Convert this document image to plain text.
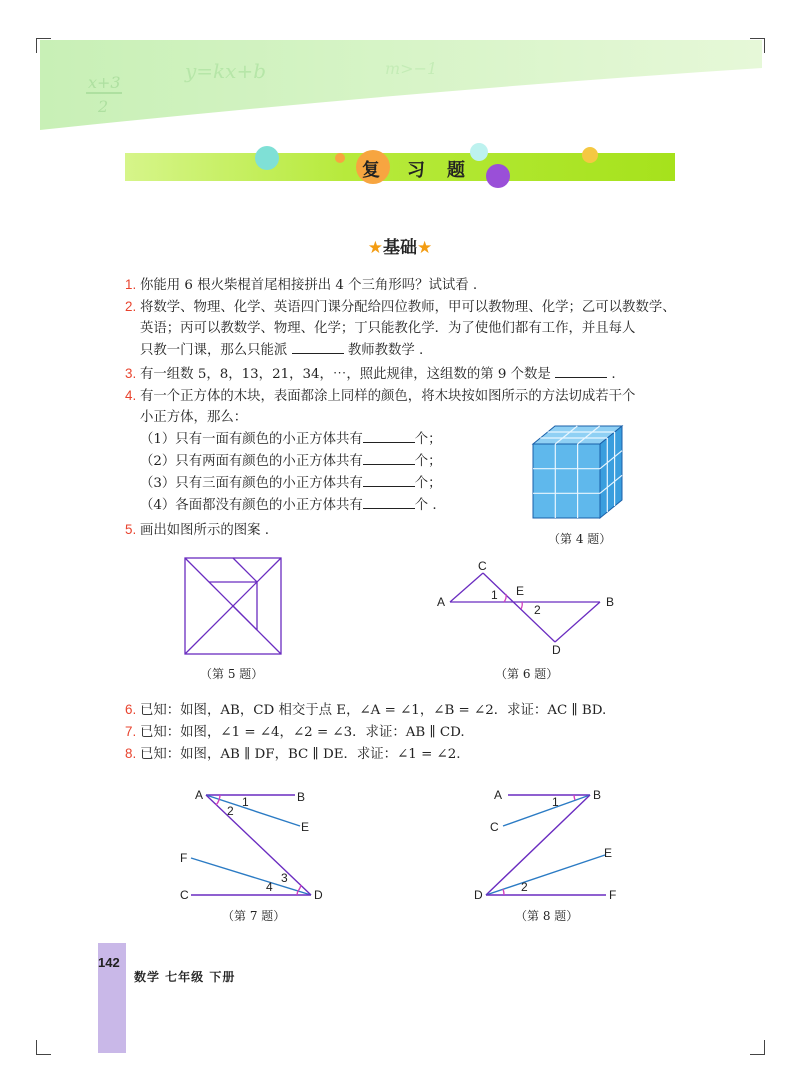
x+3
2
y=kx+b	m>−1
复 习 题
★基础★
1. 你能用 6 根火柴棍首尾相接拼出 4 个三角形吗？试试看 .
2. 将数学、物理、化学、英语四门课分配给四位教师，甲可以教物理、化学；乙可以教数学、
英语；丙可以教数学、物理、化学；丁只能教化学．为了使他们都有工作，并且每人
只教一门课，那么只能派	教师教数学 .
3. 有一组数 5，8，13，21，34，⋯，照此规律，这组数的第 9 个数是	.
4. 有一个正方体的木块，表面都涂上同样的颜色，将木块按如图所示的方法切成若干个
小正方体，那么：
（1）只有一面有颜色的小正方体共有	个；
（2）只有两面有颜色的小正方体共有	个；
（3）只有三面有颜色的小正方体共有	个；
（4）各面都没有颜色的小正方体共有	个 .
（第 4 题）
5. 画出如图所示的图案 .
（第 5 题）
A
C
E
B
D
1
2
（第 6 题）
6. 已知：如图，AB，CD 相交于点 E，∠A = ∠1，∠B = ∠2．求证：AC ∥ BD.
7. 已知：如图，∠1 = ∠4，∠2 = ∠3．求证：AB ∥ CD.
8. 已知：如图，AB ∥ DF，BC ∥ DE．求证：∠1 = ∠2.
A	B
E
F
C	D
1
2
3
4
（第 7 题）
A	B
C
E
D	F
1
2
（第 8 题）
142
数学 七年级 下册
